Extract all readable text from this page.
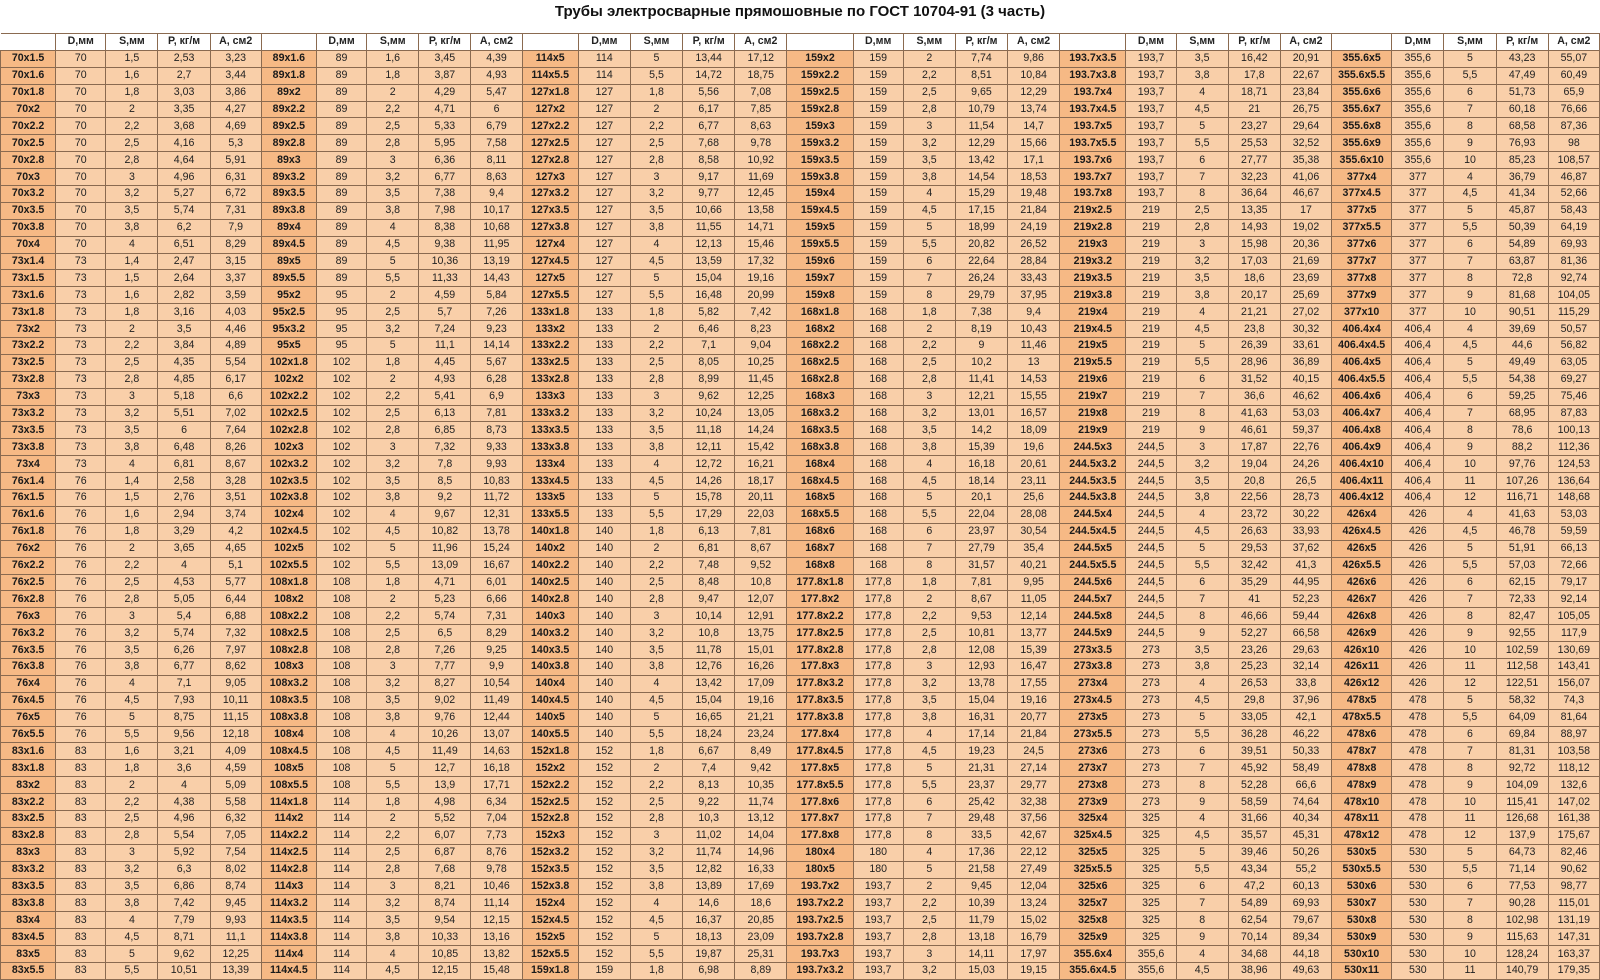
Трубы электросварные прямошовные по ГОСТ 10704-91 (3 часть)
	D,мм	S,мм	P, кг/м	A, см2		D,мм	S,мм	P, кг/м	A, см2		D,мм	S,мм	P, кг/м	A, см2		D,мм	S,мм	P, кг/м	A, см2		D,мм	S,мм	P, кг/м	A, см2		D,мм	S,мм	P, кг/м	A, см2
70x1.5	70	1,5	2,53	3,23	89x1.6	89	1,6	3,45	4,39	114x5	114	5	13,44	17,12	159x2	159	2	7,74	9,86	193.7x3.5	193,7	3,5	16,42	20,91	355.6x5	355,6	5	43,23	55,07
70x1.6	70	1,6	2,7	3,44	89x1.8	89	1,8	3,87	4,93	114x5.5	114	5,5	14,72	18,75	159x2.2	159	2,2	8,51	10,84	193.7x3.8	193,7	3,8	17,8	22,67	355.6x5.5	355,6	5,5	47,49	60,49
70x1.8	70	1,8	3,03	3,86	89x2	89	2	4,29	5,47	127x1.8	127	1,8	5,56	7,08	159x2.5	159	2,5	9,65	12,29	193.7x4	193,7	4	18,71	23,84	355.6x6	355,6	6	51,73	65,9
70x2	70	2	3,35	4,27	89x2.2	89	2,2	4,71	6	127x2	127	2	6,17	7,85	159x2.8	159	2,8	10,79	13,74	193.7x4.5	193,7	4,5	21	26,75	355.6x7	355,6	7	60,18	76,66
70x2.2	70	2,2	3,68	4,69	89x2.5	89	2,5	5,33	6,79	127x2.2	127	2,2	6,77	8,63	159x3	159	3	11,54	14,7	193.7x5	193,7	5	23,27	29,64	355.6x8	355,6	8	68,58	87,36
70x2.5	70	2,5	4,16	5,3	89x2.8	89	2,8	5,95	7,58	127x2.5	127	2,5	7,68	9,78	159x3.2	159	3,2	12,29	15,66	193.7x5.5	193,7	5,5	25,53	32,52	355.6x9	355,6	9	76,93	98
70x2.8	70	2,8	4,64	5,91	89x3	89	3	6,36	8,11	127x2.8	127	2,8	8,58	10,92	159x3.5	159	3,5	13,42	17,1	193.7x6	193,7	6	27,77	35,38	355.6x10	355,6	10	85,23	108,57
70x3	70	3	4,96	6,31	89x3.2	89	3,2	6,77	8,63	127x3	127	3	9,17	11,69	159x3.8	159	3,8	14,54	18,53	193.7x7	193,7	7	32,23	41,06	377x4	377	4	36,79	46,87
70x3.2	70	3,2	5,27	6,72	89x3.5	89	3,5	7,38	9,4	127x3.2	127	3,2	9,77	12,45	159x4	159	4	15,29	19,48	193.7x8	193,7	8	36,64	46,67	377x4.5	377	4,5	41,34	52,66
70x3.5	70	3,5	5,74	7,31	89x3.8	89	3,8	7,98	10,17	127x3.5	127	3,5	10,66	13,58	159x4.5	159	4,5	17,15	21,84	219x2.5	219	2,5	13,35	17	377x5	377	5	45,87	58,43
70x3.8	70	3,8	6,2	7,9	89x4	89	4	8,38	10,68	127x3.8	127	3,8	11,55	14,71	159x5	159	5	18,99	24,19	219x2.8	219	2,8	14,93	19,02	377x5.5	377	5,5	50,39	64,19
70x4	70	4	6,51	8,29	89x4.5	89	4,5	9,38	11,95	127x4	127	4	12,13	15,46	159x5.5	159	5,5	20,82	26,52	219x3	219	3	15,98	20,36	377x6	377	6	54,89	69,93
73x1.4	73	1,4	2,47	3,15	89x5	89	5	10,36	13,19	127x4.5	127	4,5	13,59	17,32	159x6	159	6	22,64	28,84	219x3.2	219	3,2	17,03	21,69	377x7	377	7	63,87	81,36
73x1.5	73	1,5	2,64	3,37	89x5.5	89	5,5	11,33	14,43	127x5	127	5	15,04	19,16	159x7	159	7	26,24	33,43	219x3.5	219	3,5	18,6	23,69	377x8	377	8	72,8	92,74
73x1.6	73	1,6	2,82	3,59	95x2	95	2	4,59	5,84	127x5.5	127	5,5	16,48	20,99	159x8	159	8	29,79	37,95	219x3.8	219	3,8	20,17	25,69	377x9	377	9	81,68	104,05
73x1.8	73	1,8	3,16	4,03	95x2.5	95	2,5	5,7	7,26	133x1.8	133	1,8	5,82	7,42	168x1.8	168	1,8	7,38	9,4	219x4	219	4	21,21	27,02	377x10	377	10	90,51	115,29
73x2	73	2	3,5	4,46	95x3.2	95	3,2	7,24	9,23	133x2	133	2	6,46	8,23	168x2	168	2	8,19	10,43	219x4.5	219	4,5	23,8	30,32	406.4x4	406,4	4	39,69	50,57
73x2.2	73	2,2	3,84	4,89	95x5	95	5	11,1	14,14	133x2.2	133	2,2	7,1	9,04	168x2.2	168	2,2	9	11,46	219x5	219	5	26,39	33,61	406.4x4.5	406,4	4,5	44,6	56,82
73x2.5	73	2,5	4,35	5,54	102x1.8	102	1,8	4,45	5,67	133x2.5	133	2,5	8,05	10,25	168x2.5	168	2,5	10,2	13	219x5.5	219	5,5	28,96	36,89	406.4x5	406,4	5	49,49	63,05
73x2.8	73	2,8	4,85	6,17	102x2	102	2	4,93	6,28	133x2.8	133	2,8	8,99	11,45	168x2.8	168	2,8	11,41	14,53	219x6	219	6	31,52	40,15	406.4x5.5	406,4	5,5	54,38	69,27
73x3	73	3	5,18	6,6	102x2.2	102	2,2	5,41	6,9	133x3	133	3	9,62	12,25	168x3	168	3	12,21	15,55	219x7	219	7	36,6	46,62	406.4x6	406,4	6	59,25	75,46
73x3.2	73	3,2	5,51	7,02	102x2.5	102	2,5	6,13	7,81	133x3.2	133	3,2	10,24	13,05	168x3.2	168	3,2	13,01	16,57	219x8	219	8	41,63	53,03	406.4x7	406,4	7	68,95	87,83
73x3.5	73	3,5	6	7,64	102x2.8	102	2,8	6,85	8,73	133x3.5	133	3,5	11,18	14,24	168x3.5	168	3,5	14,2	18,09	219x9	219	9	46,61	59,37	406.4x8	406,4	8	78,6	100,13
73x3.8	73	3,8	6,48	8,26	102x3	102	3	7,32	9,33	133x3.8	133	3,8	12,11	15,42	168x3.8	168	3,8	15,39	19,6	244.5x3	244,5	3	17,87	22,76	406.4x9	406,4	9	88,2	112,36
73x4	73	4	6,81	8,67	102x3.2	102	3,2	7,8	9,93	133x4	133	4	12,72	16,21	168x4	168	4	16,18	20,61	244.5x3.2	244,5	3,2	19,04	24,26	406.4x10	406,4	10	97,76	124,53
76x1.4	76	1,4	2,58	3,28	102x3.5	102	3,5	8,5	10,83	133x4.5	133	4,5	14,26	18,17	168x4.5	168	4,5	18,14	23,11	244.5x3.5	244,5	3,5	20,8	26,5	406.4x11	406,4	11	107,26	136,64
76x1.5	76	1,5	2,76	3,51	102x3.8	102	3,8	9,2	11,72	133x5	133	5	15,78	20,11	168x5	168	5	20,1	25,6	244.5x3.8	244,5	3,8	22,56	28,73	406.4x12	406,4	12	116,71	148,68
76x1.6	76	1,6	2,94	3,74	102x4	102	4	9,67	12,31	133x5.5	133	5,5	17,29	22,03	168x5.5	168	5,5	22,04	28,08	244.5x4	244,5	4	23,72	30,22	426x4	426	4	41,63	53,03
76x1.8	76	1,8	3,29	4,2	102x4.5	102	4,5	10,82	13,78	140x1.8	140	1,8	6,13	7,81	168x6	168	6	23,97	30,54	244.5x4.5	244,5	4,5	26,63	33,93	426x4.5	426	4,5	46,78	59,59
76x2	76	2	3,65	4,65	102x5	102	5	11,96	15,24	140x2	140	2	6,81	8,67	168x7	168	7	27,79	35,4	244.5x5	244,5	5	29,53	37,62	426x5	426	5	51,91	66,13
76x2.2	76	2,2	4	5,1	102x5.5	102	5,5	13,09	16,67	140x2.2	140	2,2	7,48	9,52	168x8	168	8	31,57	40,21	244.5x5.5	244,5	5,5	32,42	41,3	426x5.5	426	5,5	57,03	72,66
76x2.5	76	2,5	4,53	5,77	108x1.8	108	1,8	4,71	6,01	140x2.5	140	2,5	8,48	10,8	177.8x1.8	177,8	1,8	7,81	9,95	244.5x6	244,5	6	35,29	44,95	426x6	426	6	62,15	79,17
76x2.8	76	2,8	5,05	6,44	108x2	108	2	5,23	6,66	140x2.8	140	2,8	9,47	12,07	177.8x2	177,8	2	8,67	11,05	244.5x7	244,5	7	41	52,23	426x7	426	7	72,33	92,14
76x3	76	3	5,4	6,88	108x2.2	108	2,2	5,74	7,31	140x3	140	3	10,14	12,91	177.8x2.2	177,8	2,2	9,53	12,14	244.5x8	244,5	8	46,66	59,44	426x8	426	8	82,47	105,05
76x3.2	76	3,2	5,74	7,32	108x2.5	108	2,5	6,5	8,29	140x3.2	140	3,2	10,8	13,75	177.8x2.5	177,8	2,5	10,81	13,77	244.5x9	244,5	9	52,27	66,58	426x9	426	9	92,55	117,9
76x3.5	76	3,5	6,26	7,97	108x2.8	108	2,8	7,26	9,25	140x3.5	140	3,5	11,78	15,01	177.8x2.8	177,8	2,8	12,08	15,39	273x3.5	273	3,5	23,26	29,63	426x10	426	10	102,59	130,69
76x3.8	76	3,8	6,77	8,62	108x3	108	3	7,77	9,9	140x3.8	140	3,8	12,76	16,26	177.8x3	177,8	3	12,93	16,47	273x3.8	273	3,8	25,23	32,14	426x11	426	11	112,58	143,41
76x4	76	4	7,1	9,05	108x3.2	108	3,2	8,27	10,54	140x4	140	4	13,42	17,09	177.8x3.2	177,8	3,2	13,78	17,55	273x4	273	4	26,53	33,8	426x12	426	12	122,51	156,07
76x4.5	76	4,5	7,93	10,11	108x3.5	108	3,5	9,02	11,49	140x4.5	140	4,5	15,04	19,16	177.8x3.5	177,8	3,5	15,04	19,16	273x4.5	273	4,5	29,8	37,96	478x5	478	5	58,32	74,3
76x5	76	5	8,75	11,15	108x3.8	108	3,8	9,76	12,44	140x5	140	5	16,65	21,21	177.8x3.8	177,8	3,8	16,31	20,77	273x5	273	5	33,05	42,1	478x5.5	478	5,5	64,09	81,64
76x5.5	76	5,5	9,56	12,18	108x4	108	4	10,26	13,07	140x5.5	140	5,5	18,24	23,24	177.8x4	177,8	4	17,14	21,84	273x5.5	273	5,5	36,28	46,22	478x6	478	6	69,84	88,97
83x1.6	83	1,6	3,21	4,09	108x4.5	108	4,5	11,49	14,63	152x1.8	152	1,8	6,67	8,49	177.8x4.5	177,8	4,5	19,23	24,5	273x6	273	6	39,51	50,33	478x7	478	7	81,31	103,58
83x1.8	83	1,8	3,6	4,59	108x5	108	5	12,7	16,18	152x2	152	2	7,4	9,42	177.8x5	177,8	5	21,31	27,14	273x7	273	7	45,92	58,49	478x8	478	8	92,72	118,12
83x2	83	2	4	5,09	108x5.5	108	5,5	13,9	17,71	152x2.2	152	2,2	8,13	10,35	177.8x5.5	177,8	5,5	23,37	29,77	273x8	273	8	52,28	66,6	478x9	478	9	104,09	132,6
83x2.2	83	2,2	4,38	5,58	114x1.8	114	1,8	4,98	6,34	152x2.5	152	2,5	9,22	11,74	177.8x6	177,8	6	25,42	32,38	273x9	273	9	58,59	74,64	478x10	478	10	115,41	147,02
83x2.5	83	2,5	4,96	6,32	114x2	114	2	5,52	7,04	152x2.8	152	2,8	10,3	13,12	177.8x7	177,8	7	29,48	37,56	325x4	325	4	31,66	40,34	478x11	478	11	126,68	161,38
83x2.8	83	2,8	5,54	7,05	114x2.2	114	2,2	6,07	7,73	152x3	152	3	11,02	14,04	177.8x8	177,8	8	33,5	42,67	325x4.5	325	4,5	35,57	45,31	478x12	478	12	137,9	175,67
83x3	83	3	5,92	7,54	114x2.5	114	2,5	6,87	8,76	152x3.2	152	3,2	11,74	14,96	180x4	180	4	17,36	22,12	325x5	325	5	39,46	50,26	530x5	530	5	64,73	82,46
83x3.2	83	3,2	6,3	8,02	114x2.8	114	2,8	7,68	9,78	152x3.5	152	3,5	12,82	16,33	180x5	180	5	21,58	27,49	325x5.5	325	5,5	43,34	55,2	530x5.5	530	5,5	71,14	90,62
83x3.5	83	3,5	6,86	8,74	114x3	114	3	8,21	10,46	152x3.8	152	3,8	13,89	17,69	193.7x2	193,7	2	9,45	12,04	325x6	325	6	47,2	60,13	530x6	530	6	77,53	98,77
83x3.8	83	3,8	7,42	9,45	114x3.2	114	3,2	8,74	11,14	152x4	152	4	14,6	18,6	193.7x2.2	193,7	2,2	10,39	13,24	325x7	325	7	54,89	69,93	530x7	530	7	90,28	115,01
83x4	83	4	7,79	9,93	114x3.5	114	3,5	9,54	12,15	152x4.5	152	4,5	16,37	20,85	193.7x2.5	193,7	2,5	11,79	15,02	325x8	325	8	62,54	79,67	530x8	530	8	102,98	131,19
83x4.5	83	4,5	8,71	11,1	114x3.8	114	3,8	10,33	13,16	152x5	152	5	18,13	23,09	193.7x2.8	193,7	2,8	13,18	16,79	325x9	325	9	70,14	89,34	530x9	530	9	115,63	147,31
83x5	83	5	9,62	12,25	114x4	114	4	10,85	13,82	152x5.5	152	5,5	19,87	25,31	193.7x3	193,7	3	14,11	17,97	355.6x4	355,6	4	34,68	44,18	530x10	530	10	128,24	163,37
83x5.5	83	5,5	10,51	13,39	114x4.5	114	4,5	12,15	15,48	159x1.8	159	1,8	6,98	8,89	193.7x3.2	193,7	3,2	15,03	19,15	355.6x4.5	355,6	4,5	38,96	49,63	530x11	530	11	140,79	179,35
